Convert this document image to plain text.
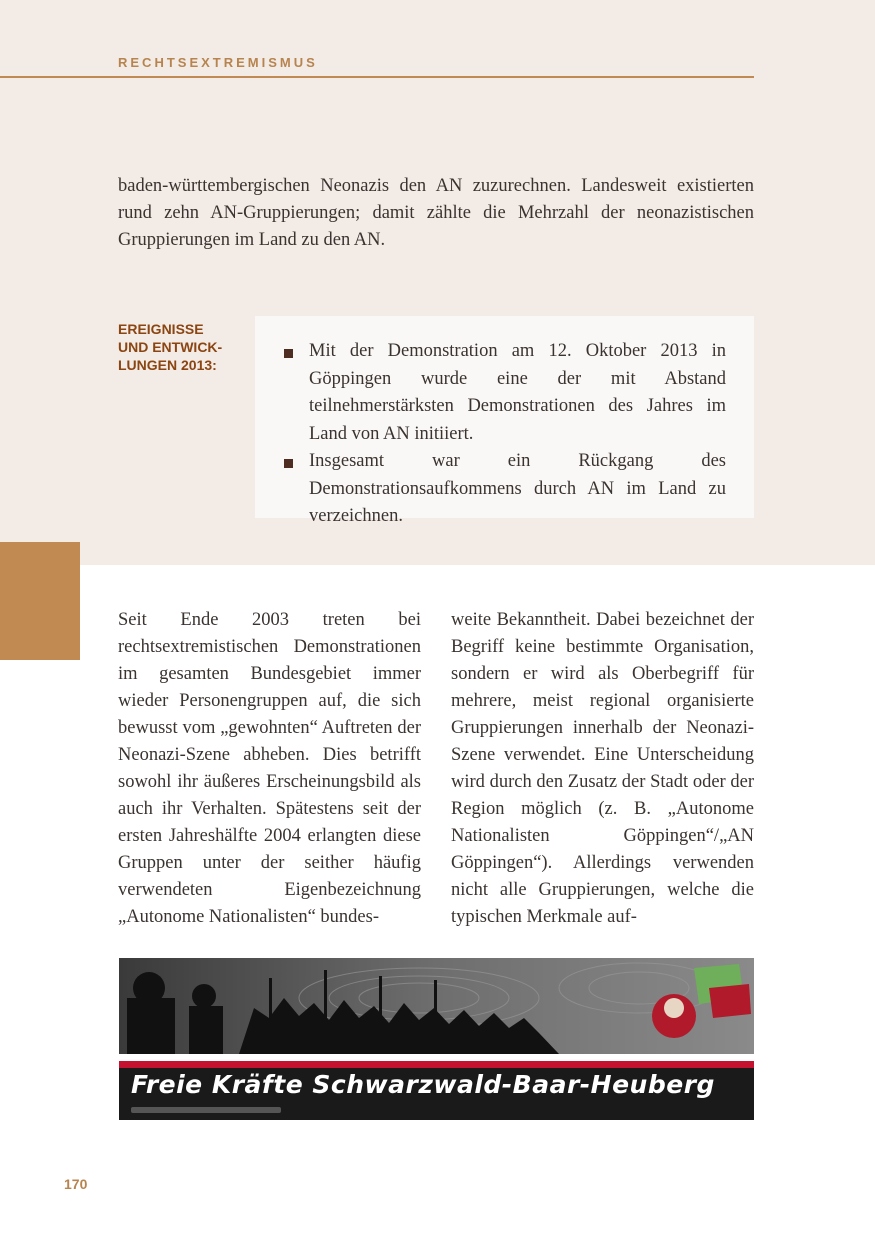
RECHTSEXTREMISMUS

baden-württembergischen Neonazis den AN zuzurechnen. Landesweit existierten rund zehn AN-Gruppierungen; damit zählte die Mehrzahl der neonazistischen Gruppierungen im Land zu den AN.

EREIGNISSE
UND ENTWICK-
LUNGEN 2013:
Mit der Demonstration am 12. Oktober 2013 in Göppingen wurde eine der mit Abstand teilnehmerstärksten Demonstrationen des Jahres im Land von AN initiiert.
Insgesamt war ein Rückgang des Demonstrationsaufkommens durch AN im Land zu verzeichnen.

Seit Ende 2003 treten bei rechtsextremistischen Demonstrationen im gesamten Bundesgebiet immer wieder Personengruppen auf, die sich bewusst vom „gewohnten“ Auftreten der Neonazi-Szene abheben. Dies betrifft sowohl ihr äußeres Erscheinungsbild als auch ihr Verhalten. Spätestens seit der ersten Jahreshälfte 2004 erlangten diese Gruppen unter der seither häufig verwendeten Eigenbezeichnung „Autonome Nationalisten“ bundes-

weite Bekanntheit. Dabei bezeichnet der Begriff keine bestimmte Organisation, sondern er wird als Oberbegriff für mehrere, meist regional organisierte Gruppierungen innerhalb der Neonazi-Szene verwendet. Eine Unterscheidung wird durch den Zusatz der Stadt oder der Region möglich (z. B. „Autonome Nationalisten Göppingen“/„AN Göppingen“). Allerdings verwenden nicht alle Gruppierungen, welche die typischen Merkmale auf-

Freie Kräfte Schwarzwald-Baar-Heuberg
170
